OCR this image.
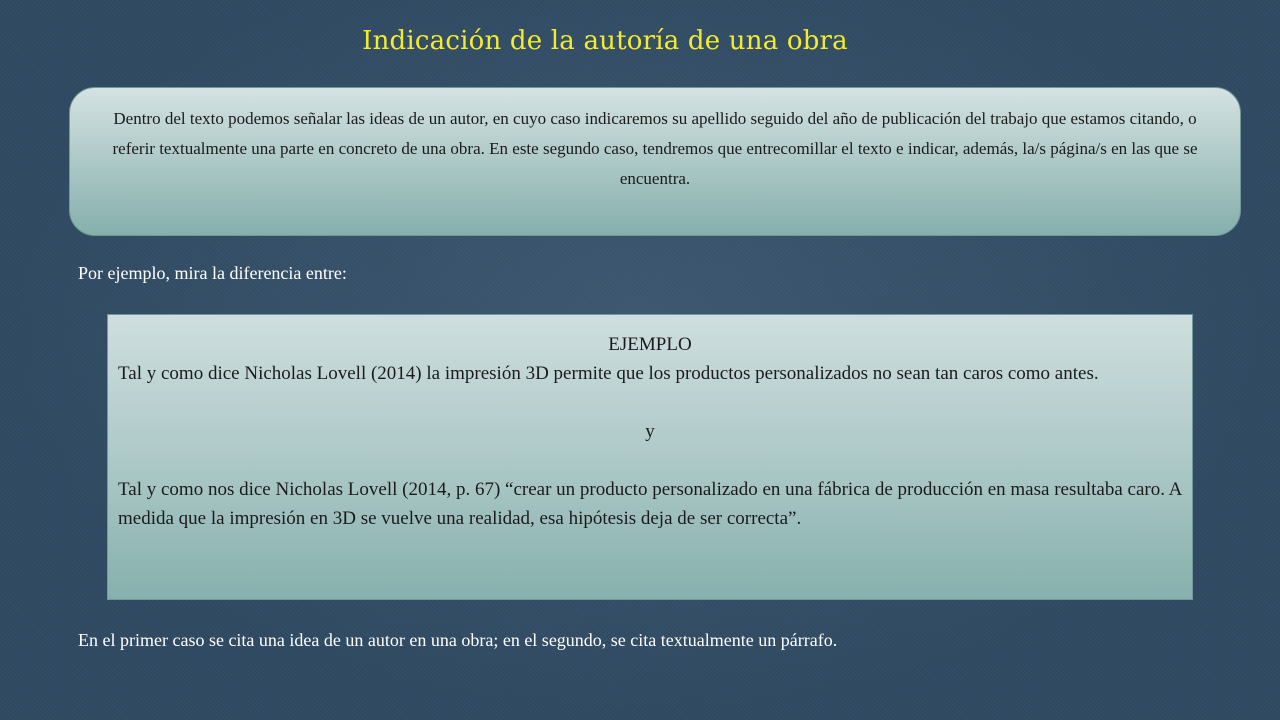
Indicación de la autoría de una obra
Dentro del texto podemos señalar las ideas de un autor, en cuyo caso indicaremos su apellido seguido del año de publicación del trabajo que estamos citando, o referir textualmente una parte en concreto de una obra. En este segundo caso, tendremos que entrecomillar el texto e indicar, además, la/s página/s en las que se encuentra.
Por ejemplo, mira la diferencia entre:
EJEMPLO
Tal y como dice Nicholas Lovell (2014) la impresión 3D permite que los productos personalizados no sean tan caros como antes.
y
Tal y como nos dice Nicholas Lovell (2014, p. 67) “crear un producto personalizado en una fábrica de producción en masa resultaba caro. A medida que la impresión en 3D se vuelve una realidad, esa hipótesis deja de ser correcta”.
En el primer caso se cita una idea de un autor en una obra; en el segundo, se cita textualmente un párrafo.
